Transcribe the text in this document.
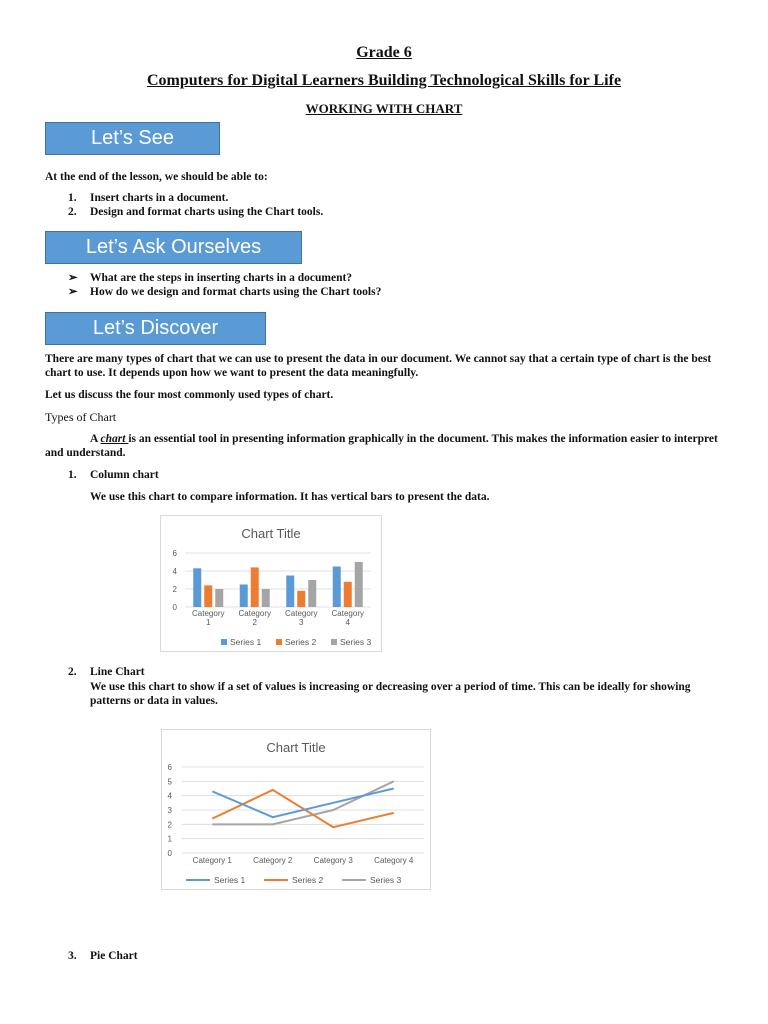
Grade 6
Computers for Digital Learners Building Technological Skills for Life
WORKING WITH CHART
Let’s See
At the end of the lesson, we should be able to:
1.	Insert charts in a document.
2.	Design and format charts using the Chart tools.
Let’s Ask Ourselves
➢	What are the steps in inserting charts in a document?
➢	How do we design and format charts using the Chart tools?
Let’s Discover
There are many types of chart that we can use to present the data in our document. We cannot say that a certain type of chart is the best chart to use. It depends upon how we want to present the data meaningfully.
Let us discuss the four most commonly used types of chart.
Types of Chart
A chart is an essential tool in presenting information graphically in the document. This makes the information easier to interpret and understand.
1. Column chart
We use this chart to compare information. It has vertical bars to present the data.
Chart Title
0
2
4
6
Category
1
Category
2
Category
3
Category
4
Series 1	Series 2	Series 3
2. Line Chart
We use this chart to show if a set of values is increasing or decreasing over a period of time. This can be ideally for showing patterns or data in values.
Chart Title
0
1
2
3
4
5
6
Category 1	Category 2	Category 3	Category 4
Series 1	Series 2	Series 3
3. Pie Chart
